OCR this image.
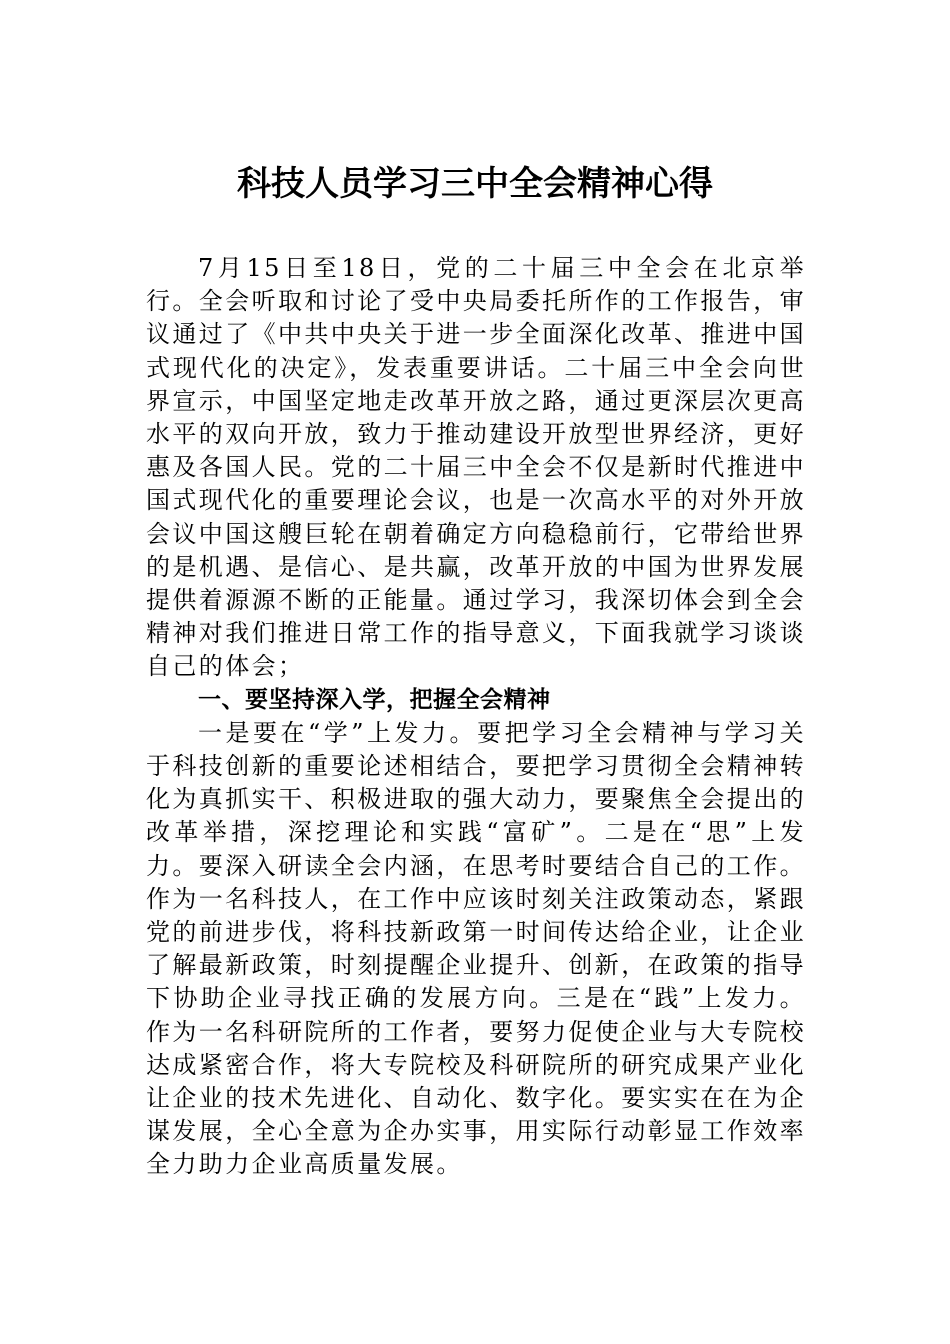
科技人员学习三中全会精神心得

7月15日至18日，党的二十届三中全会在北京举行。全会听取和讨论了受中央局委托所作的工作报告，审议通过了《中共中央关于进一步全面深化改革、推进中国式现代化的决定》，发表重要讲话。二十届三中全会向世界宣示，中国坚定地走改革开放之路，通过更深层次更高水平的双向开放，致力于推动建设开放型世界经济，更好惠及各国人民。党的二十届三中全会不仅是新时代推进中国式现代化的重要理论会议，也是一次高水平的对外开放会议中国这艘巨轮在朝着确定方向稳稳前行，它带给世界的是机遇、是信心、是共赢，改革开放的中国为世界发展提供着源源不断的正能量。通过学习，我深切体会到全会精神对我们推进日常工作的指导意义，下面我就学习谈谈自己的体会；

一、要坚持深入学，把握全会精神

一是要在“学”上发力。要把学习全会精神与学习关于科技创新的重要论述相结合，要把学习贯彻全会精神转化为真抓实干、积极进取的强大动力，要聚焦全会提出的改革举措，深挖理论和实践“富矿”。二是在“思”上发力。要深入研读全会内涵，在思考时要结合自己的工作。作为一名科技人，在工作中应该时刻关注政策动态，紧跟党的前进步伐，将科技新政第一时间传达给企业，让企业了解最新政策，时刻提醒企业提升、创新，在政策的指导下协助企业寻找正确的发展方向。三是在“践”上发力。作为一名科研院所的工作者，要努力促使企业与大专院校达成紧密合作，将大专院校及科研院所的研究成果产业化让企业的技术先进化、自动化、数字化。要实实在在为企谋发展，全心全意为企办实事，用实际行动彰显工作效率全力助力企业高质量发展。
